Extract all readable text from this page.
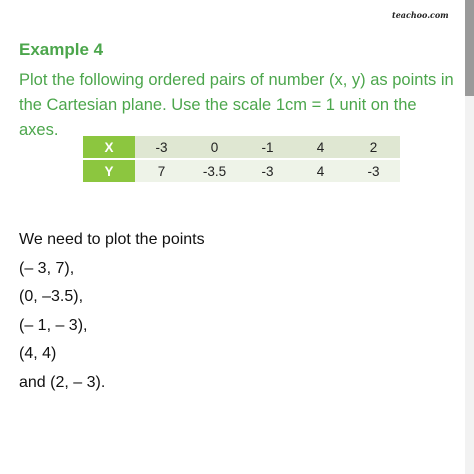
teachoo.com
Example 4
Plot the following ordered pairs of number (x, y) as points in the Cartesian plane. Use the scale 1cm = 1 unit on the axes.
X	-3	0	-1	4	2
Y	7	-3.5	-3	4	-3
We need to plot the points
(– 3, 7),
(0, –3.5),
(– 1, – 3),
(4, 4)
and (2, – 3).
